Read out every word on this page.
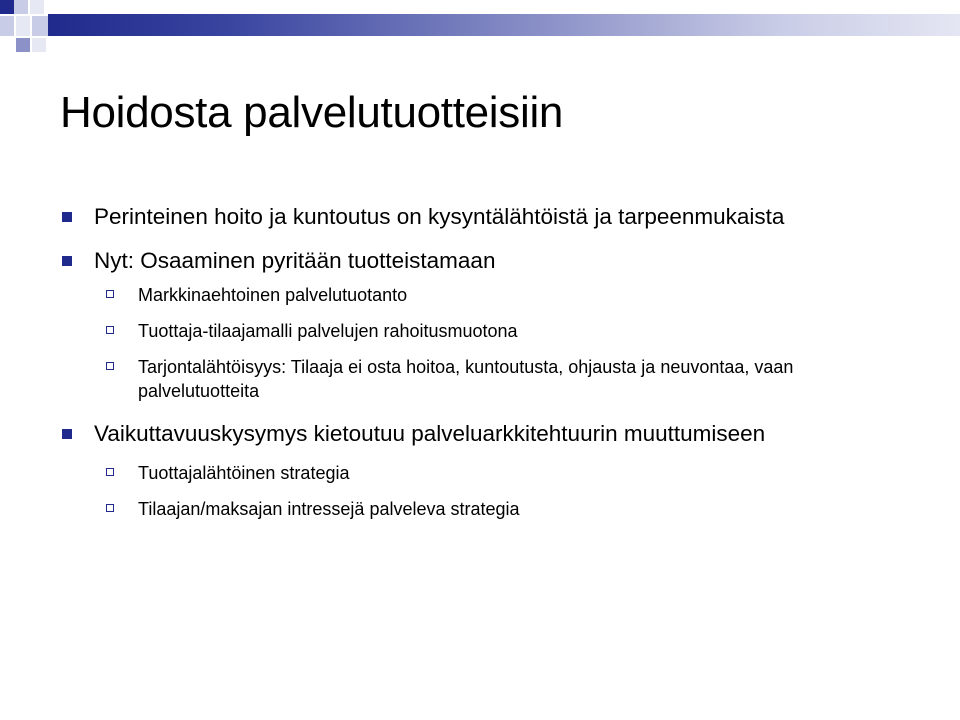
Hoidosta palvelutuotteisiin
Perinteinen hoito ja kuntoutus on kysyntälähtöistä ja tarpeenmukaista
Nyt: Osaaminen pyritään tuotteistamaan
Markkinaehtoinen palvelutuotanto
Tuottaja-tilaajamalli palvelujen rahoitusmuotona
Tarjontalähtöisyys: Tilaaja ei osta hoitoa, kuntoutusta, ohjausta ja neuvontaa, vaan palvelutuotteita
Vaikuttavuuskysymys kietoutuu palveluarkkitehtuurin muuttumiseen
Tuottajalähtöinen strategia
Tilaajan/maksajan intressejä palveleva strategia
